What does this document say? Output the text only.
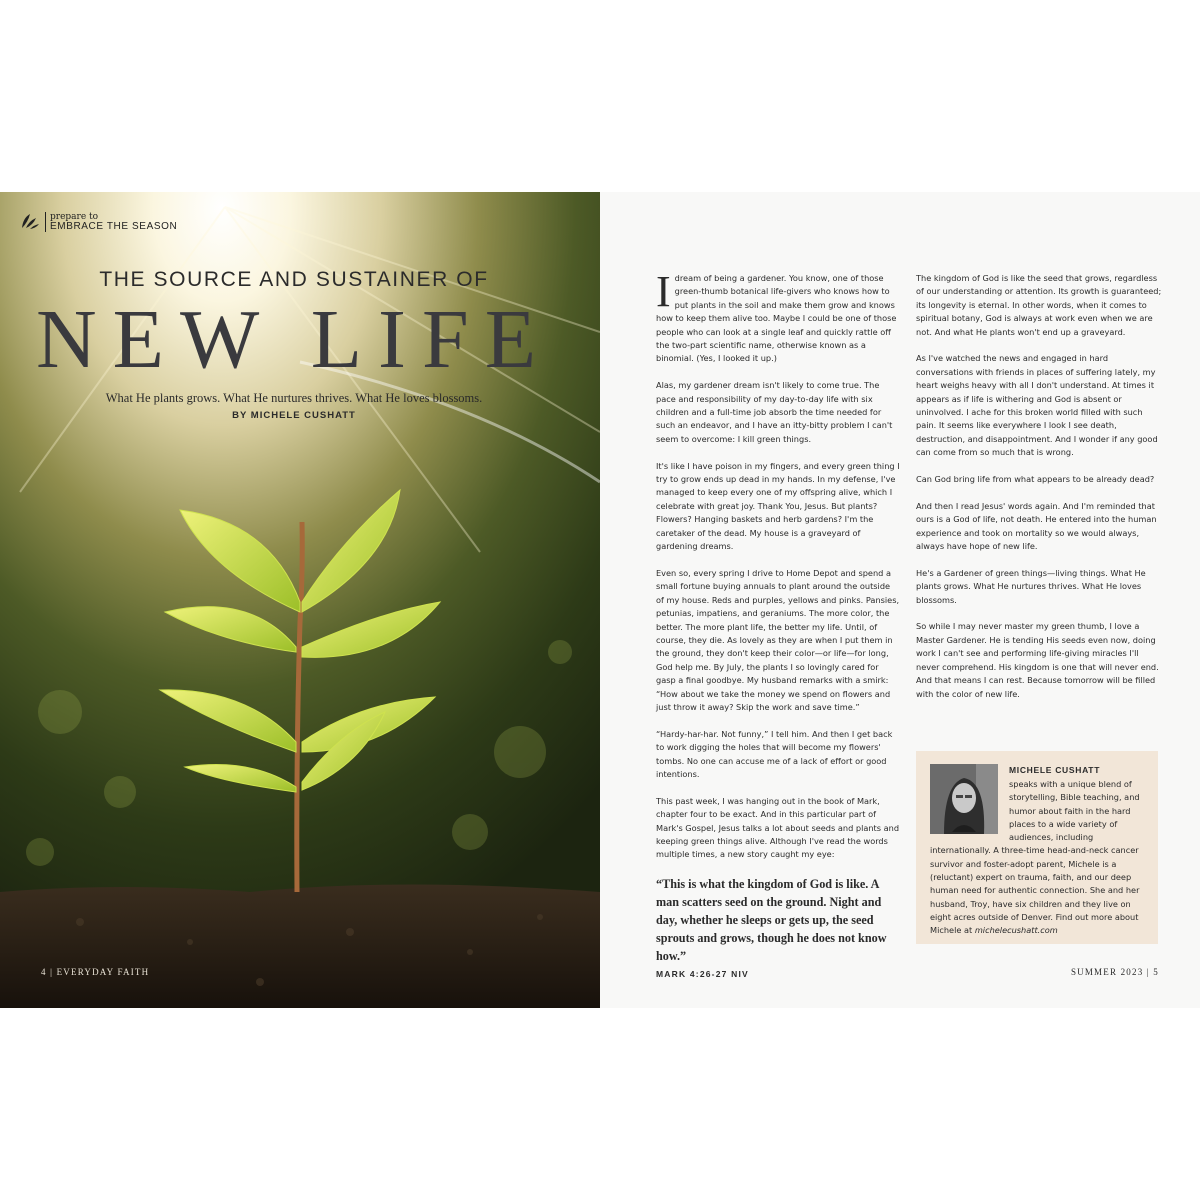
prepare to
EMBRACE THE SEASON
THE SOURCE AND SUSTAINER OF
NEW LIFE
What He plants grows. What He nurtures thrives. What He loves blossoms.
BY MICHELE CUSHATT
4 | EVERYDAY FAITH

I dream of being a gardener. You know, one of those green-thumb botanical life-givers who knows how to put plants in the soil and make them grow and knows how to keep them alive too. Maybe I could be one of those people who can look at a single leaf and quickly rattle off the two-part scientific name, otherwise known as a binomial. (Yes, I looked it up.)

Alas, my gardener dream isn't likely to come true. The pace and responsibility of my day-to-day life with six children and a full-time job absorb the time needed for such an endeavor, and I have an itty-bitty problem I can't seem to overcome: I kill green things.

It's like I have poison in my fingers, and every green thing I try to grow ends up dead in my hands. In my defense, I've managed to keep every one of my offspring alive, which I celebrate with great joy. Thank You, Jesus. But plants? Flowers? Hanging baskets and herb gardens? I'm the caretaker of the dead. My house is a graveyard of gardening dreams.

Even so, every spring I drive to Home Depot and spend a small fortune buying annuals to plant around the outside of my house. Reds and purples, yellows and pinks. Pansies, petunias, impatiens, and geraniums. The more color, the better. The more plant life, the better my life. Until, of course, they die. As lovely as they are when I put them in the ground, they don't keep their color—or life—for long, God help me. By July, the plants I so lovingly cared for gasp a final goodbye. My husband remarks with a smirk: “How about we take the money we spend on flowers and just throw it away? Skip the work and save time.”

“Hardy-har-har. Not funny,” I tell him. And then I get back to work digging the holes that will become my flowers' tombs. No one can accuse me of a lack of effort or good intentions.

This past week, I was hanging out in the book of Mark, chapter four to be exact. And in this particular part of Mark's Gospel, Jesus talks a lot about seeds and plants and keeping green things alive. Although I've read the words multiple times, a new story caught my eye:

“This is what the kingdom of God is like. A man scatters seed on the ground. Night and day, whether he sleeps or gets up, the seed sprouts and grows, though he does not know how.”
MARK 4:26-27 NIV

The kingdom of God is like the seed that grows, regardless of our understanding or attention. Its growth is guaranteed; its longevity is eternal. In other words, when it comes to spiritual botany, God is always at work even when we are not. And what He plants won't end up a graveyard.

As I've watched the news and engaged in hard conversations with friends in places of suffering lately, my heart weighs heavy with all I don't understand. At times it appears as if life is withering and God is absent or uninvolved. I ache for this broken world filled with such pain. It seems like everywhere I look I see death, destruction, and disappointment. And I wonder if any good can come from so much that is wrong.

Can God bring life from what appears to be already dead?

And then I read Jesus' words again. And I'm reminded that ours is a God of life, not death. He entered into the human experience and took on mortality so we would always, always have hope of new life.

He's a Gardener of green things—living things. What He plants grows. What He nurtures thrives. What He loves blossoms.

So while I may never master my green thumb, I love a Master Gardener. He is tending His seeds even now, doing work I can't see and performing life-giving miracles I'll never comprehend. His kingdom is one that will never end. And that means I can rest. Because tomorrow will be filled with the color of new life.

MICHELE CUSHATT
speaks with a unique blend of storytelling, Bible teaching, and humor about faith in the hard places to a wide variety of audiences, including internationally. A three-time head-and-neck cancer survivor and foster-adopt parent, Michele is a (reluctant) expert on trauma, faith, and our deep human need for authentic connection. She and her husband, Troy, have six children and they live on eight acres outside of Denver. Find out more about Michele at michelecushatt.com
SUMMER 2023 | 5
